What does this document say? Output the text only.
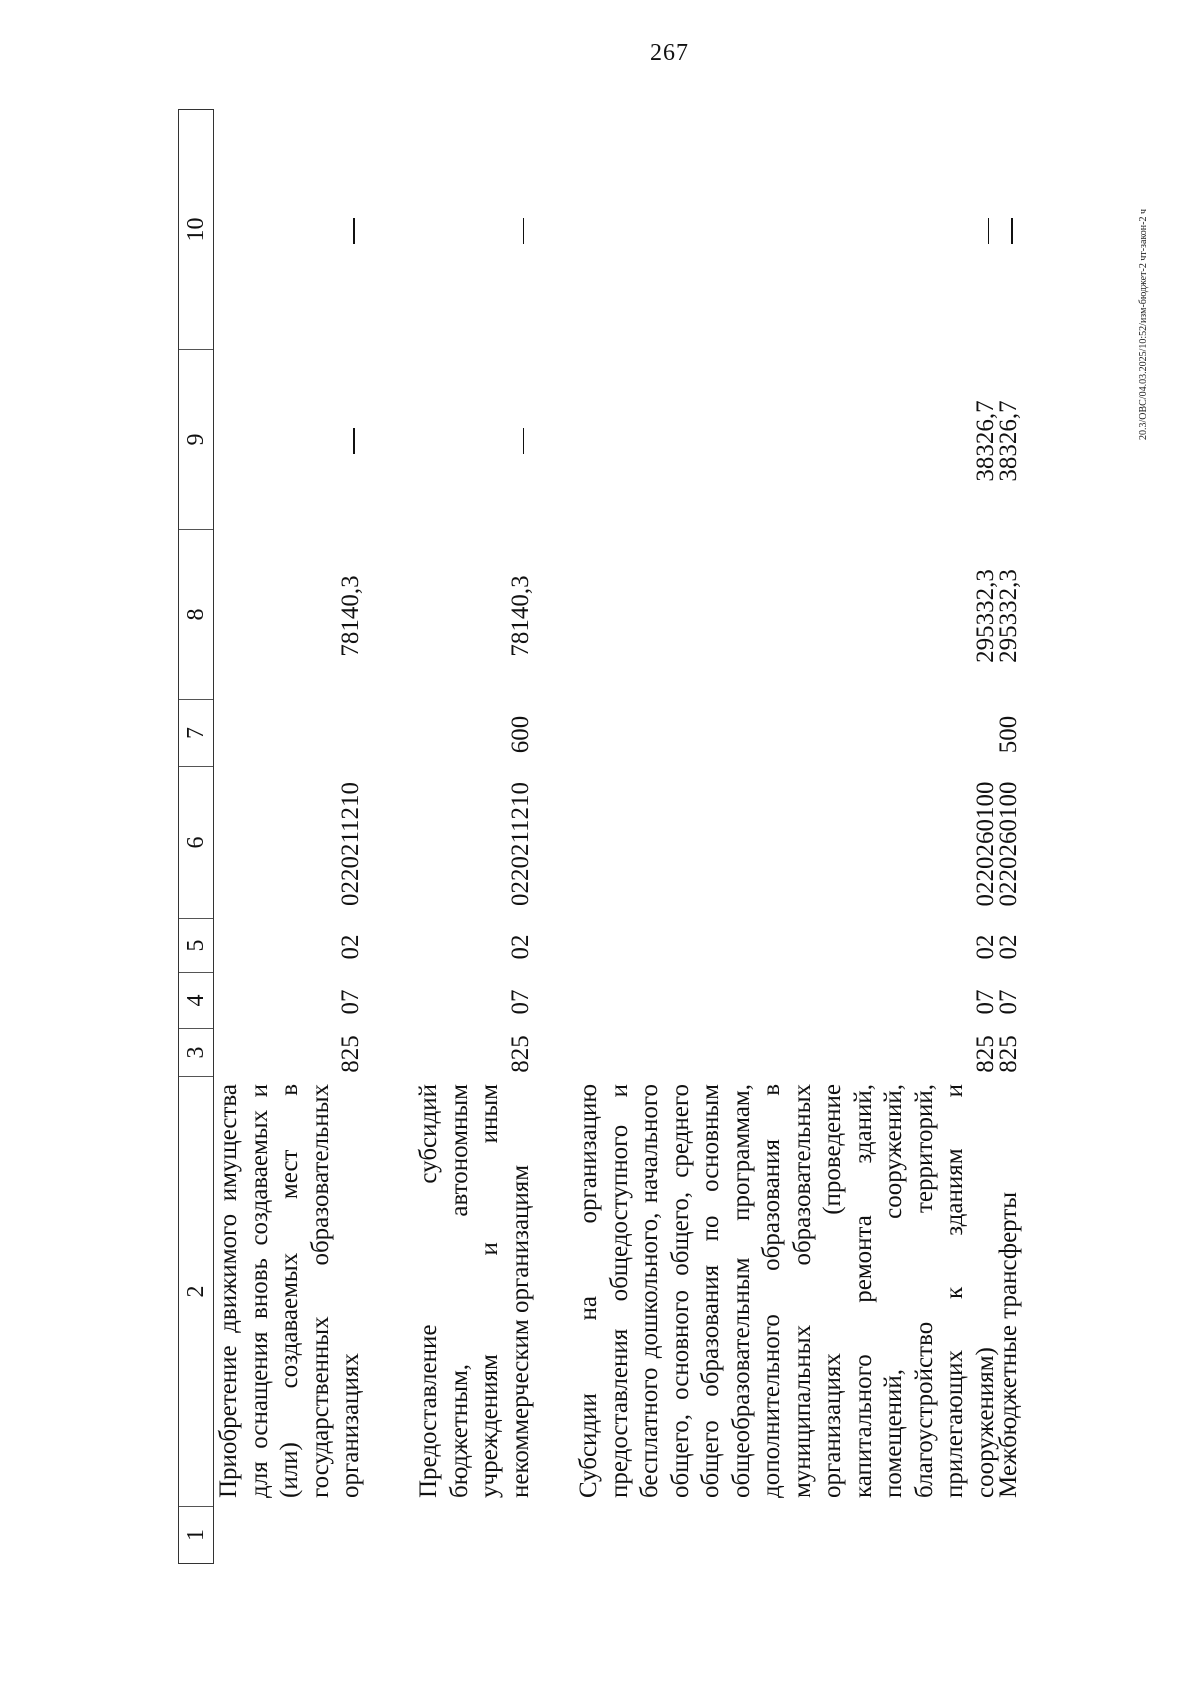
267
20.3/ОВС/04.03.2025/10:52/изм-бюджет-2 чт-закон-2 ч
1
2
3
4
5
6
7
8
9
10
Приобретение движимого имущества для оснащения вновь создаваемых и (или) создаваемых мест в государственных образовательных организациях
825
07
02
0220211210
78140,3
Предоставление субсидий бюджетным, автономным учреждениям и иным некоммерческим организациям
825
07
02
0220211210
600
78140,3
Субсидии на организацию предоставления общедоступного и бесплатного дошкольного, начального общего, основного общего, среднего общего образования по основным общеобразовательным программам, дополнительного образования в муниципальных образовательных организациях (проведение капитального ремонта зданий, помещений, сооружений, благоустройство территорий, прилегающих к зданиям и сооружениям)
825
07
02
0220260100
295332,3
38326,7
Межбюджетные трансферты
825
07
02
0220260100
500
295332,3
38326,7
